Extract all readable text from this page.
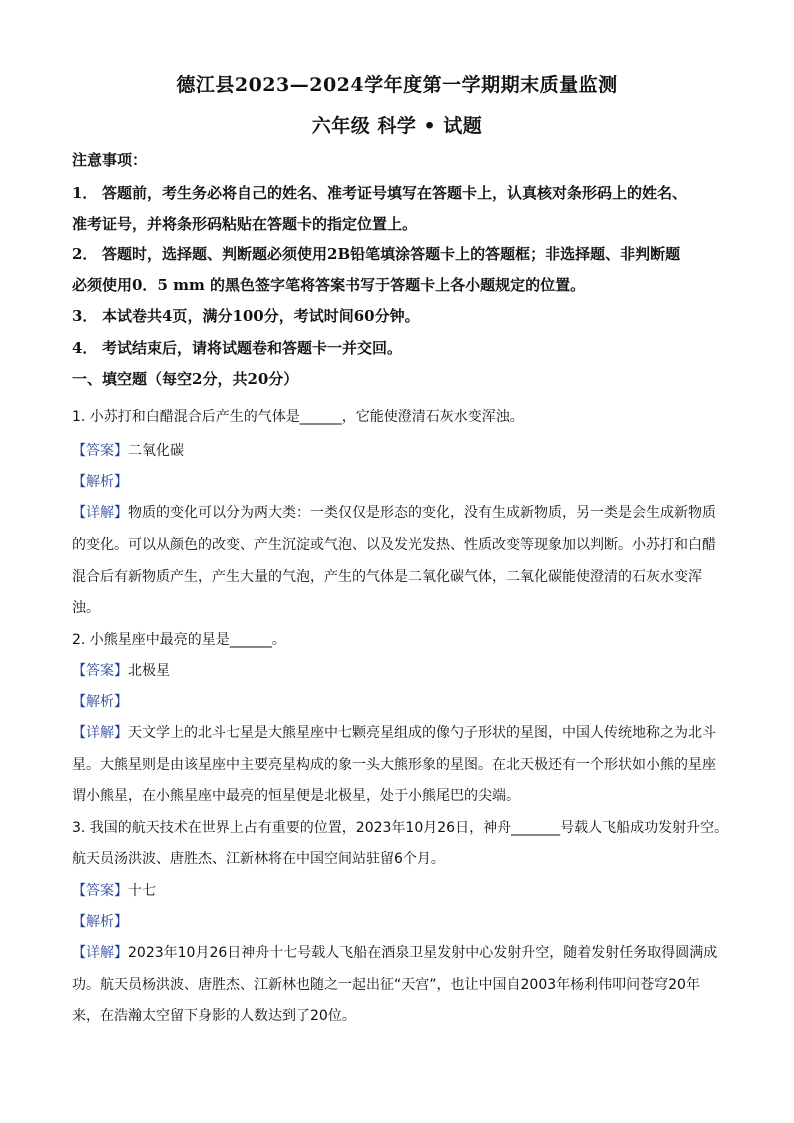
德江县2023—2024学年度第一学期期末质量监测
六年级 科学 • 试题
注意事项：
1． 答题前，考生务必将自己的姓名、准考证号填写在答题卡上，认真核对条形码上的姓名、
准考证号，并将条形码粘贴在答题卡的指定位置上。
2． 答题时，选择题、判断题必须使用2B铅笔填涂答题卡上的答题框；非选择题、非判断题
必须使用0．5 mm 的黑色签字笔将答案书写于答题卡上各小题规定的位置。
3． 本试卷共4页，满分100分，考试时间60分钟。
4． 考试结束后，请将试题卷和答题卡一并交回。
一、填空题（每空2分，共20分）
1. 小苏打和白醋混合后产生的气体是______，它能使澄清石灰水变浑浊。
【答案】二氧化碳
【解析】
【详解】物质的变化可以分为两大类：一类仅仅是形态的变化，没有生成新物质，另一类是会生成新物质
的变化。可以从颜色的改变、产生沉淀或气泡、以及发光发热、性质改变等现象加以判断。小苏打和白醋
混合后有新物质产生，产生大量的气泡，产生的气体是二氧化碳气体，二氧化碳能使澄清的石灰水变浑
浊。
2. 小熊星座中最亮的星是______。
【答案】北极星
【解析】
【详解】天文学上的北斗七星是大熊星座中七颗亮星组成的像勺子形状的星图，中国人传统地称之为北斗
星。大熊星则是由该星座中主要亮星构成的象一头大熊形象的星图。在北天极还有一个形状如小熊的星座
谓小熊星，在小熊星座中最亮的恒星便是北极星，处于小熊尾巴的尖端。
3. 我国的航天技术在世界上占有重要的位置，2023年10月26日，神舟_______号载人飞船成功发射升空。
航天员汤洪波、唐胜杰、江新林将在中国空间站驻留6个月。
【答案】十七
【解析】
【详解】2023年10月26日神舟十七号载人飞船在酒泉卫星发射中心发射升空，随着发射任务取得圆满成
功。航天员杨洪波、唐胜杰、江新林也随之一起出征“天宫”，也让中国自2003年杨利伟叩问苍穹20年
来，在浩瀚太空留下身影的人数达到了20位。
